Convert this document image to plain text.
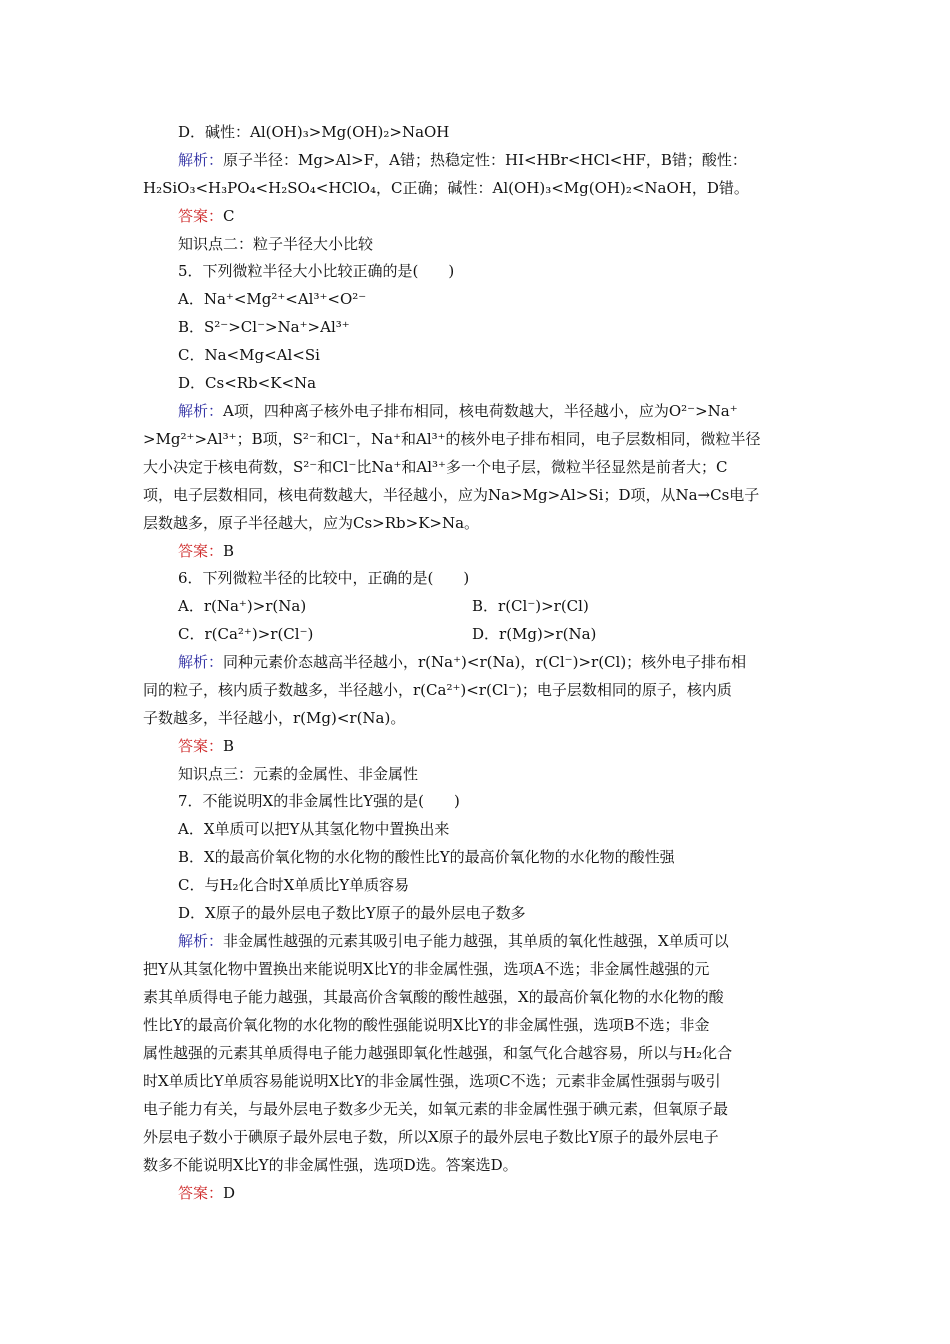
D．碱性：Al(OH)₃>Mg(OH)₂>NaOH
解析：原子半径：Mg>Al>F，A错；热稳定性：HI<HBr<HCl<HF，B错；酸性：
H₂SiO₃<H₃PO₄<H₂SO₄<HClO₄，C正确；碱性：Al(OH)₃<Mg(OH)₂<NaOH，D错。
答案：C
知识点二：粒子半径大小比较
5．下列微粒半径大小比较正确的是(　　)
A．Na⁺<Mg²⁺<Al³⁺<O²⁻
B．S²⁻>Cl⁻>Na⁺>Al³⁺
C．Na<Mg<Al<Si
D．Cs<Rb<K<Na
解析：A项，四种离子核外电子排布相同，核电荷数越大，半径越小，应为O²⁻>Na⁺
>Mg²⁺>Al³⁺；B项，S²⁻和Cl⁻，Na⁺和Al³⁺的核外电子排布相同，电子层数相同，微粒半径
大小决定于核电荷数，S²⁻和Cl⁻比Na⁺和Al³⁺多一个电子层，微粒半径显然是前者大；C
项，电子层数相同，核电荷数越大，半径越小，应为Na>Mg>Al>Si；D项，从Na→Cs电子
层数越多，原子半径越大，应为Cs>Rb>K>Na。
答案：B
6．下列微粒半径的比较中，正确的是(　　)
A．r(Na⁺)>r(Na)	B．r(Cl⁻)>r(Cl)
C．r(Ca²⁺)>r(Cl⁻)	D．r(Mg)>r(Na)
解析：同种元素价态越高半径越小，r(Na⁺)<r(Na)，r(Cl⁻)>r(Cl)；核外电子排布相
同的粒子，核内质子数越多，半径越小，r(Ca²⁺)<r(Cl⁻)；电子层数相同的原子，核内质
子数越多，半径越小，r(Mg)<r(Na)。
答案：B
知识点三：元素的金属性、非金属性
7．不能说明X的非金属性比Y强的是(　　)
A．X单质可以把Y从其氢化物中置换出来
B．X的最高价氧化物的水化物的酸性比Y的最高价氧化物的水化物的酸性强
C．与H₂化合时X单质比Y单质容易
D．X原子的最外层电子数比Y原子的最外层电子数多
解析：非金属性越强的元素其吸引电子能力越强，其单质的氧化性越强，X单质可以
把Y从其氢化物中置换出来能说明X比Y的非金属性强，选项A不选；非金属性越强的元
素其单质得电子能力越强，其最高价含氧酸的酸性越强，X的最高价氧化物的水化物的酸
性比Y的最高价氧化物的水化物的酸性强能说明X比Y的非金属性强，选项B不选；非金
属性越强的元素其单质得电子能力越强即氧化性越强，和氢气化合越容易，所以与H₂化合
时X单质比Y单质容易能说明X比Y的非金属性强，选项C不选；元素非金属性强弱与吸引
电子能力有关，与最外层电子数多少无关，如氧元素的非金属性强于碘元素，但氧原子最
外层电子数小于碘原子最外层电子数，所以X原子的最外层电子数比Y原子的最外层电子
数多不能说明X比Y的非金属性强，选项D选。答案选D。
答案：D
